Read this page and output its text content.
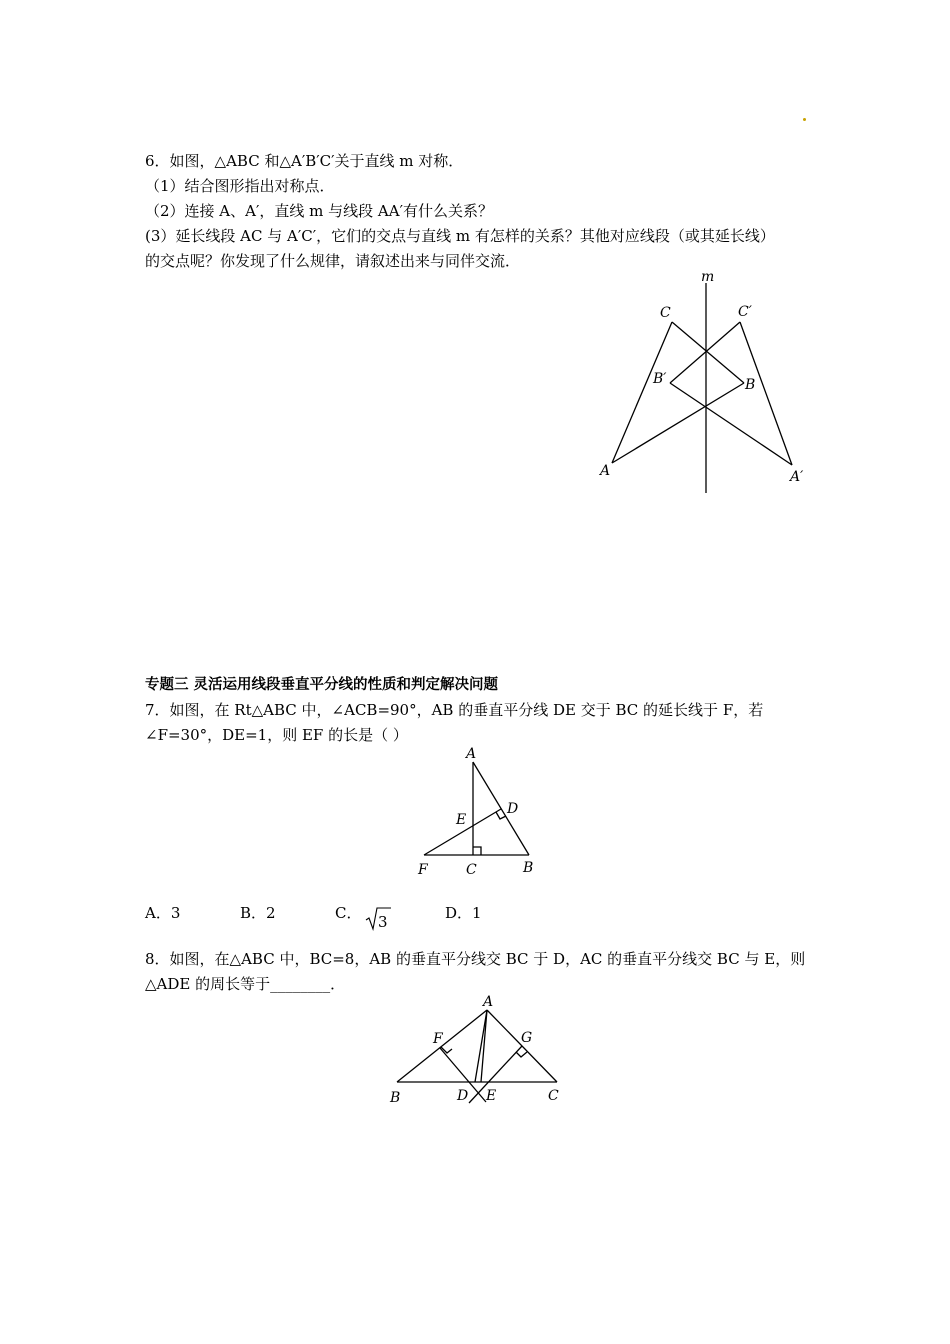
6．如图，△ABC 和△A′B′C′关于直线 m 对称．
（1）结合图形指出对称点．
（2）连接 A、A′，直线 m 与线段 AA′有什么关系？
(3）延长线段 AC 与 A′C′，它们的交点与直线 m 有怎样的关系？其他对应线段（或其延长线）
的交点呢？你发现了什么规律，请叙述出来与同伴交流．
m
C	C′
B′	B
A	A′
专题三 灵活运用线段垂直平分线的性质和判定解决问题
7．如图，在 Rt△ABC 中，∠ACB=90°，AB 的垂直平分线 DE 交于 BC 的延长线于 F，若
∠F=30°，DE=1，则 EF 的长是（ ）
A
D
E
F	C	B
A．3	B．2	C． 3	D．1
8．如图，在△ABC 中，BC=8，AB 的垂直平分线交 BC 于 D，AC 的垂直平分线交 BC 与 E，则
△ADE 的周长等于________．
A
F	G
B	D E	C
